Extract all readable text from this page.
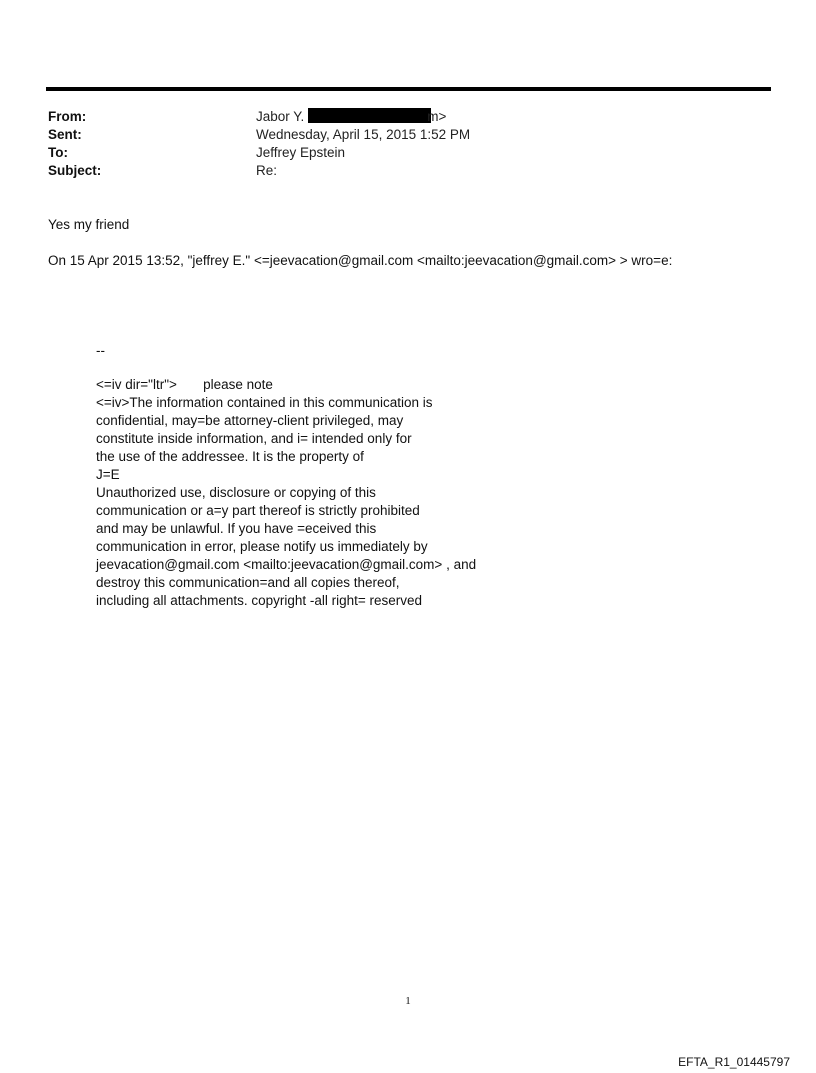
From:	Jabor Y.	m>
Sent:	Wednesday, April 15, 2015 1:52 PM
To:	Jeffrey Epstein
Subject:	Re:
Yes my friend
On 15 Apr 2015 13:52, "jeffrey E." <=jeevacation@gmail.com <mailto:jeevacation@gmail.com> > wro=e:
--
<=iv dir="ltr">       please note
<=iv>The information contained in this communication is
confidential, may=be attorney-client privileged, may
constitute inside information, and i= intended only for
the use of the addressee. It is the property of
J=E
Unauthorized use, disclosure or copying of this
communication or a=y part thereof is strictly prohibited
and may be unlawful. If you have =eceived this
communication in error, please notify us immediately by
jeevacation@gmail.com <mailto:jeevacation@gmail.com> , and
destroy this communication=and all copies thereof,
including all attachments. copyright -all right= reserved
1
EFTA_R1_01445797
